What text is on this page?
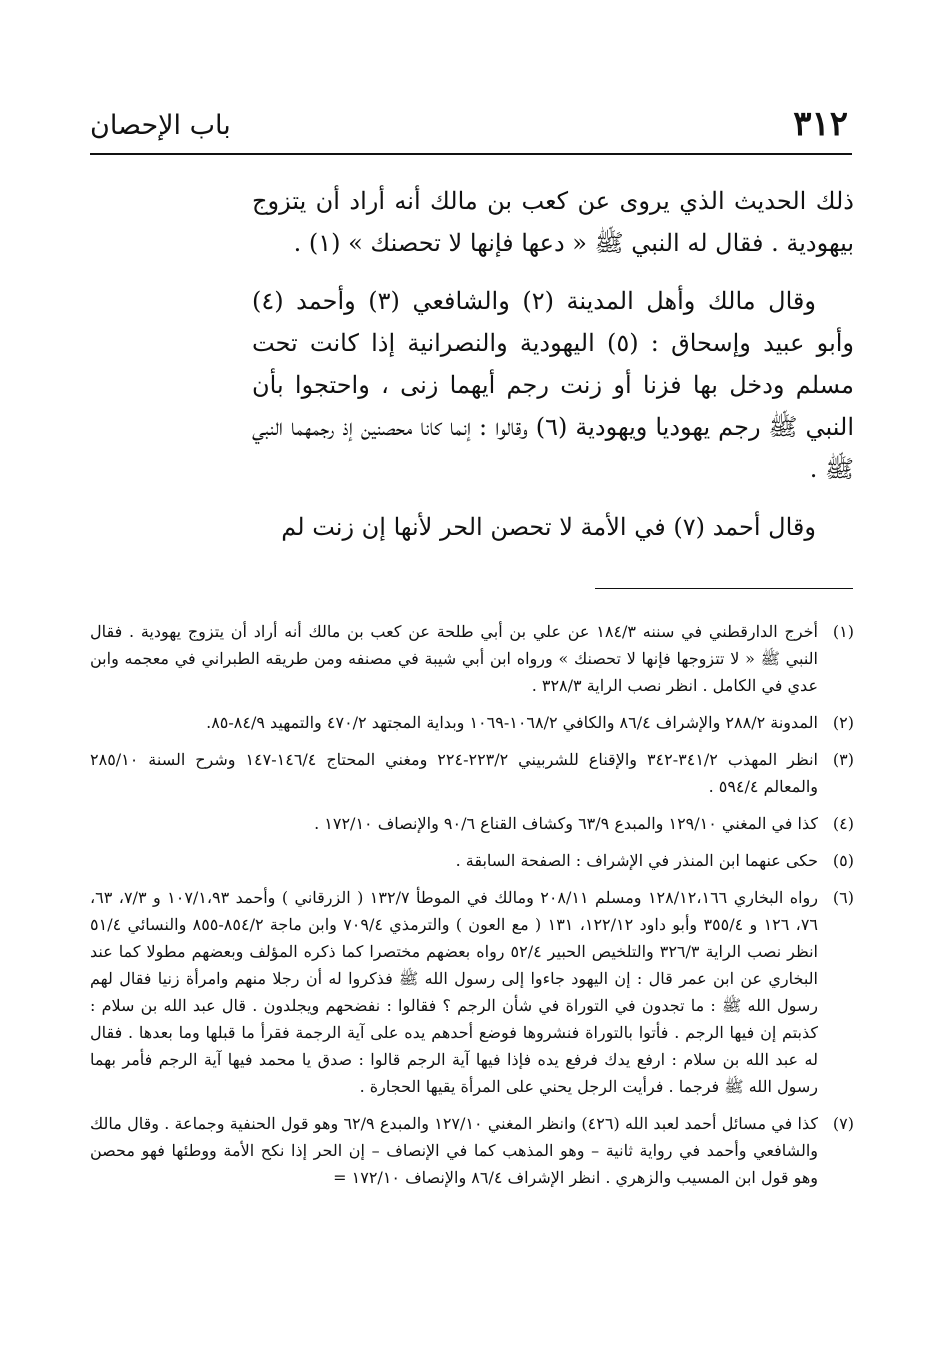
٣١٢
باب الإحصان

ذلك الحديث الذي يروى عن كعب بن مالك أنه أراد أن يتزوج بيهودية . فقال له النبي ﷺ « دعها فإنها لا تحصنك » (١) .

وقال مالك وأهل المدينة (٢) والشافعي (٣) وأحمد (٤) وأبو عبيد وإسحاق : (٥) اليهودية والنصرانية إذا كانت تحت مسلم ودخل بها فزنا أو زنت رجم أيهما زنى ، واحتجوا بأن النبي ﷺ رجم يهوديا ويهودية (٦) وقالوا : إنما كانا محصنين إذ رجمهما النبي ﷺ .

وقال أحمد (٧) في الأمة لا تحصن الحر لأنها إن زنت لم

(١)
أخرج الدارقطني في سننه ١٨٤/٣ عن علي بن أبي طلحة عن كعب بن مالك أنه أراد أن يتزوج يهودية . فقال النبي ﷺ « لا تتزوجها فإنها لا تحصنك » ورواه ابن أبي شيبة في مصنفه ومن طريقه الطبراني في معجمه وابن عدي في الكامل . انظر نصب الراية ٣٢٨/٣ .
(٢)
المدونة ٢٨٨/٢ والإشراف ٨٦/٤ والكافي ١٠٦٨/٢-١٠٦٩ وبداية المجتهد ٤٧٠/٢ والتمهيد ٨٤/٩-٨٥.
(٣)
انظر المهذب ٣٤١/٢-٣٤٢ والإقناع للشربيني ٢٢٣/٢-٢٢٤ ومغني المحتاج ١٤٦/٤-١٤٧ وشرح السنة ٢٨٥/١٠ والمعالم ٥٩٤/٤ .
(٤)
كذا في المغني ١٢٩/١٠ والمبدع ٦٣/٩ وكشاف القناع ٩٠/٦ والإنصاف ١٧٢/١٠ .
(٥)
حكى عنهما ابن المنذر في الإشراف : الصفحة السابقة .
(٦)
رواه البخاري ١٢٨/١٢،١٦٦ ومسلم ٢٠٨/١١ ومالك في الموطأ ١٣٢/٧ ( الزرقاني ) وأحمد ١٠٧/١،٩٣ و ٧/٣، ٦٣، ٧٦، ١٢٦ و ٣٥٥/٤ وأبو داود ١٢٢/١٢، ١٣١ ( مع العون ) والترمذي ٧٠٩/٤ وابن ماجة ٨٥٤/٢-٨٥٥ والنسائي ٥١/٤ انظر نصب الراية ٣٢٦/٣ والتلخيص الحبير ٥٢/٤ رواه بعضهم مختصرا كما ذكره المؤلف وبعضهم مطولا كما عند البخاري عن ابن عمر قال : إن اليهود جاءوا إلى رسول الله ﷺ فذكروا له أن رجلا منهم وامرأة زنيا فقال لهم رسول الله ﷺ : ما تجدون في التوراة في شأن الرجم ؟ فقالوا : نفضحهم ويجلدون . قال عبد الله بن سلام : كذبتم إن فيها الرجم . فأتوا بالتوراة فنشروها فوضع أحدهم يده على آية الرجمة فقرأ ما قبلها وما بعدها . فقال له عبد الله بن سلام : ارفع يدك فرفع يده فإذا فيها آية الرجم قالوا : صدق يا محمد فيها آية الرجم فأمر بهما رسول الله ﷺ فرجما . فرأيت الرجل يحني على المرأة يقيها الحجارة .
(٧)
كذا في مسائل أحمد لعبد الله (٤٢٦) وانظر المغني ١٢٧/١٠ والمبدع ٦٢/٩ وهو قول الحنفية وجماعة . وقال مالك والشافعي وأحمد في رواية ثانية – وهو المذهب كما في الإنصاف – إن الحر إذا نكح الأمة ووطئها فهو محصن وهو قول ابن المسيب والزهري . انظر الإشراف ٨٦/٤ والإنصاف ١٧٢/١٠ =
